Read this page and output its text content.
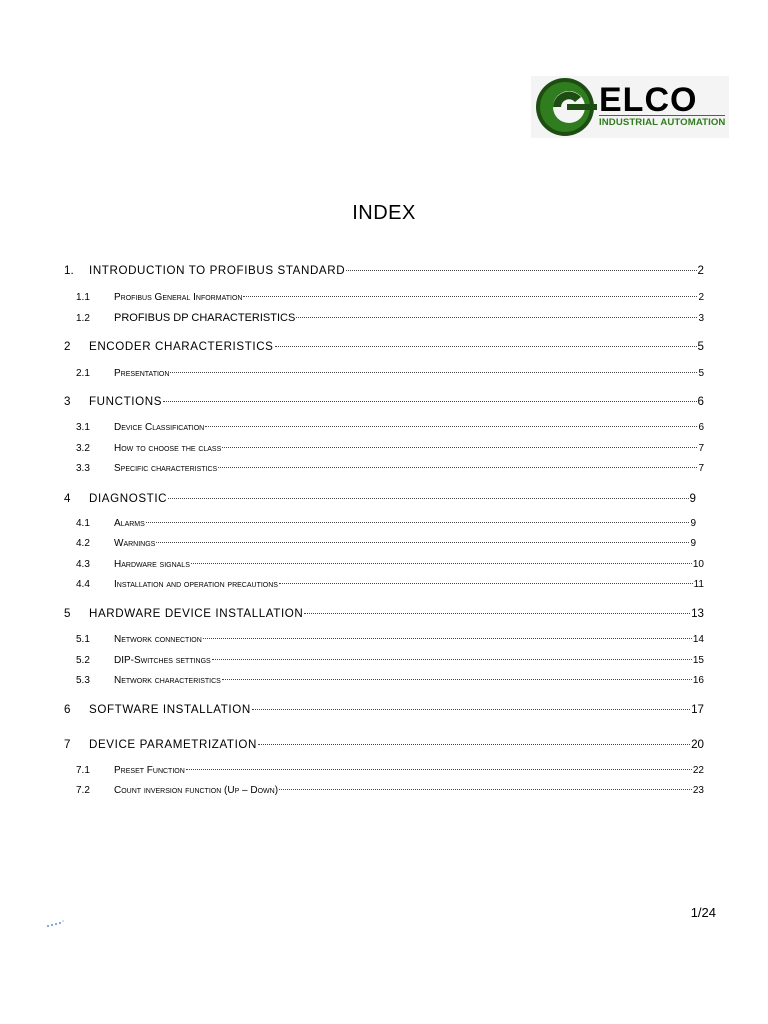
ELCO
INDUSTRIAL AUTOMATION
INDEX
1.	INTRODUCTION TO PROFIBUS STANDARD	2
1.1 Profibus General Information	2
1.2 PROFIBUS DP CHARACTERISTICS	3
2	ENCODER CHARACTERISTICS	5
2.1 Presentation	5
3	FUNCTIONS	6
3.1 Device Classification	6
3.2 How to choose the class	7
3.3 Specific characteristics	7
4	DIAGNOSTIC	9
4.1 Alarms	9
4.2 Warnings	9
4.3 Hardware signals	10
4.4 Installation and operation precautions	11
5	HARDWARE DEVICE INSTALLATION	13
5.1 Network connection	14
5.2 DIP-Switches settings	15
5.3 Network characteristics	16
6	SOFTWARE INSTALLATION	17
7	DEVICE PARAMETRIZATION	20
7.1 Preset Function	22
7.2 Count inversion function (Up – Down)	23
1/24
